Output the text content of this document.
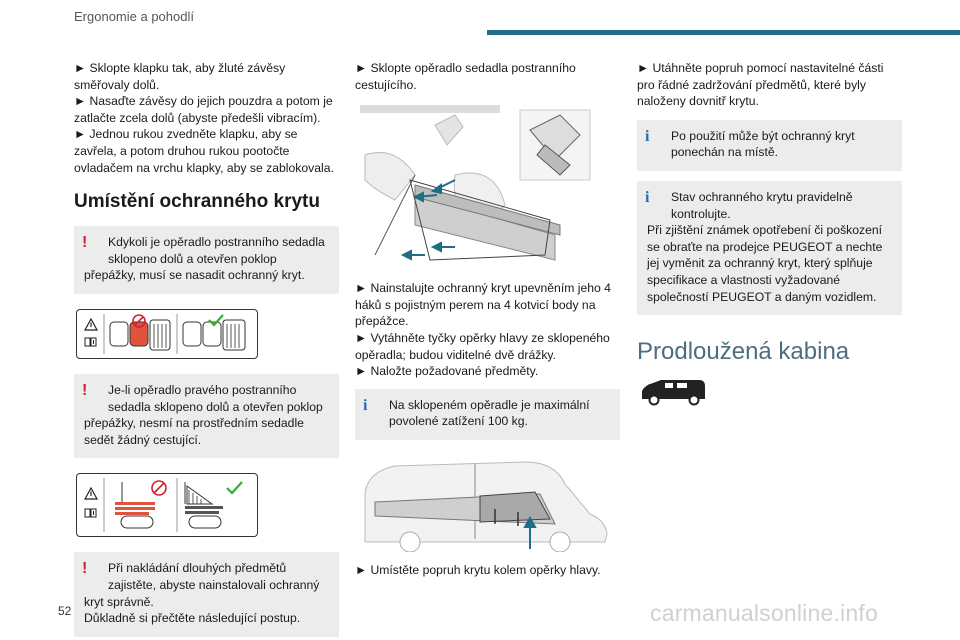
Ergonomie a pohodlí

► Sklopte klapku tak, aby žluté závěsy směřovaly dolů.

► Nasaďte závěsy do jejich pouzdra a potom je zatlačte zcela dolů (abyste předešli vibracím).

► Jednou rukou zvedněte klapku, aby se zavřela, a potom druhou rukou pootočte ovladačem na vrchu klapky, aby se zablokovala.

Umístění ochranného krytu
!	Kdykoli je opěradlo postranního sedadla sklopeno dolů a otevřen poklop
přepážky, musí se nasadit ochranný kryt.
!	Je-li opěradlo pravého postranního sedadla sklopeno dolů a otevřen poklop
přepážky, nesmí na prostředním sedadle sedět žádný cestující.
!	Při nakládání dlouhých předmětů zajistěte, abyste nainstalovali ochranný
kryt správně.
Důkladně si přečtěte následující postup.

► Sklopte opěradlo sedadla postranního cestujícího.

► Nainstalujte ochranný kryt upevněním jeho 4 háků s pojistným perem na 4 kotvicí body na přepážce.

► Vytáhněte tyčky opěrky hlavy ze sklopeného opěradla; budou viditelné dvě drážky.

► Naložte požadované předměty.

i	Na sklopeném opěradle je maximální
povolené zatížení 100 kg.

► Umístěte popruh krytu kolem opěrky hlavy.

► Utáhněte popruh pomocí nastavitelné části pro řádné zadržování předmětů, které byly naloženy dovnitř krytu.

i	Po použití může být ochranný kryt
ponechán na místě.
i	Stav ochranného krytu pravidelně
kontrolujte.
Při zjištění známek opotřebení či poškození se obraťte na prodejce PEUGEOT a nechte jej vyměnit za ochranný kryt, který splňuje specifikace a vlastnosti vyžadované společností PEUGEOT a daným vozidlem.
Prodloužená kabina
52	carmanualsonline.info
